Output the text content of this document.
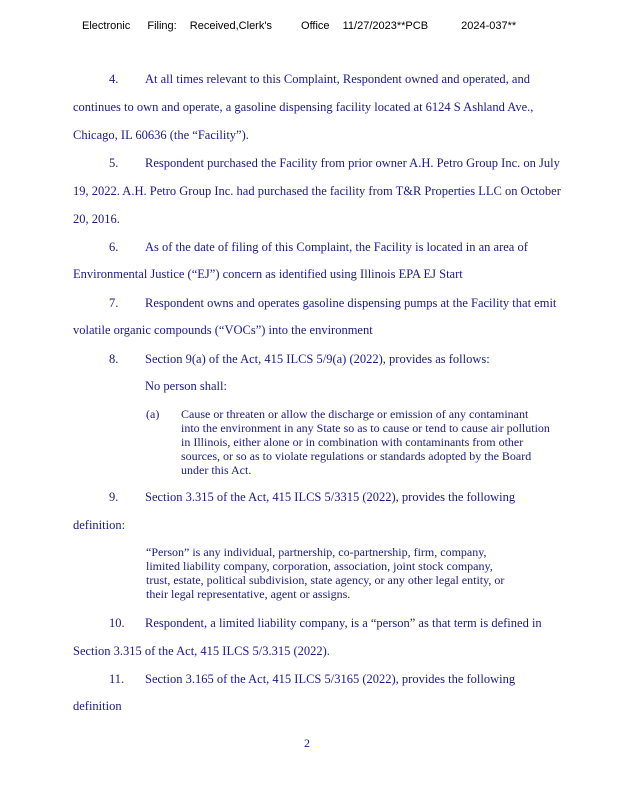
Electronic Filing: Received,Clerk's	Office 11/27/2023**PCB	2024-037**
4. At all times relevant to this Complaint, Respondent owned and operated, and
continues to own and operate, a gasoline dispensing facility located at 6124 S Ashland Ave.,
Chicago, IL 60636 (the “Facility”).
5. Respondent purchased the Facility from prior owner A.H. Petro Group Inc. on July
19, 2022. A.H. Petro Group Inc. had purchased the facility from T&R Properties LLC on October
20, 2016.
6. As of the date of filing of this Complaint, the Facility is located in an area of
Environmental Justice (“EJ”) concern as identified using Illinois EPA EJ Start
7. Respondent owns and operates gasoline dispensing pumps at the Facility that emit
volatile organic compounds (“VOCs”) into the environment
8. Section 9(a) of the Act, 415 ILCS 5/9(a) (2022), provides as follows:
No person shall:
(a) Cause or threaten or allow the discharge or emission of any contaminant
into the environment in any State so as to cause or tend to cause air pollution
in Illinois, either alone or in combination with contaminants from other
sources, or so as to violate regulations or standards adopted by the Board
under this Act.
9. Section 3.315 of the Act, 415 ILCS 5/3315 (2022), provides the following
definition:
“Person” is any individual, partnership, co-partnership, firm, company,
limited liability company, corporation, association, joint stock company,
trust, estate, political subdivision, state agency, or any other legal entity, or
their legal representative, agent or assigns.
10. Respondent, a limited liability company, is a “person” as that term is defined in
Section 3.315 of the Act, 415 ILCS 5/3.315 (2022).
11. Section 3.165 of the Act, 415 ILCS 5/3165 (2022), provides the following
definition
2
